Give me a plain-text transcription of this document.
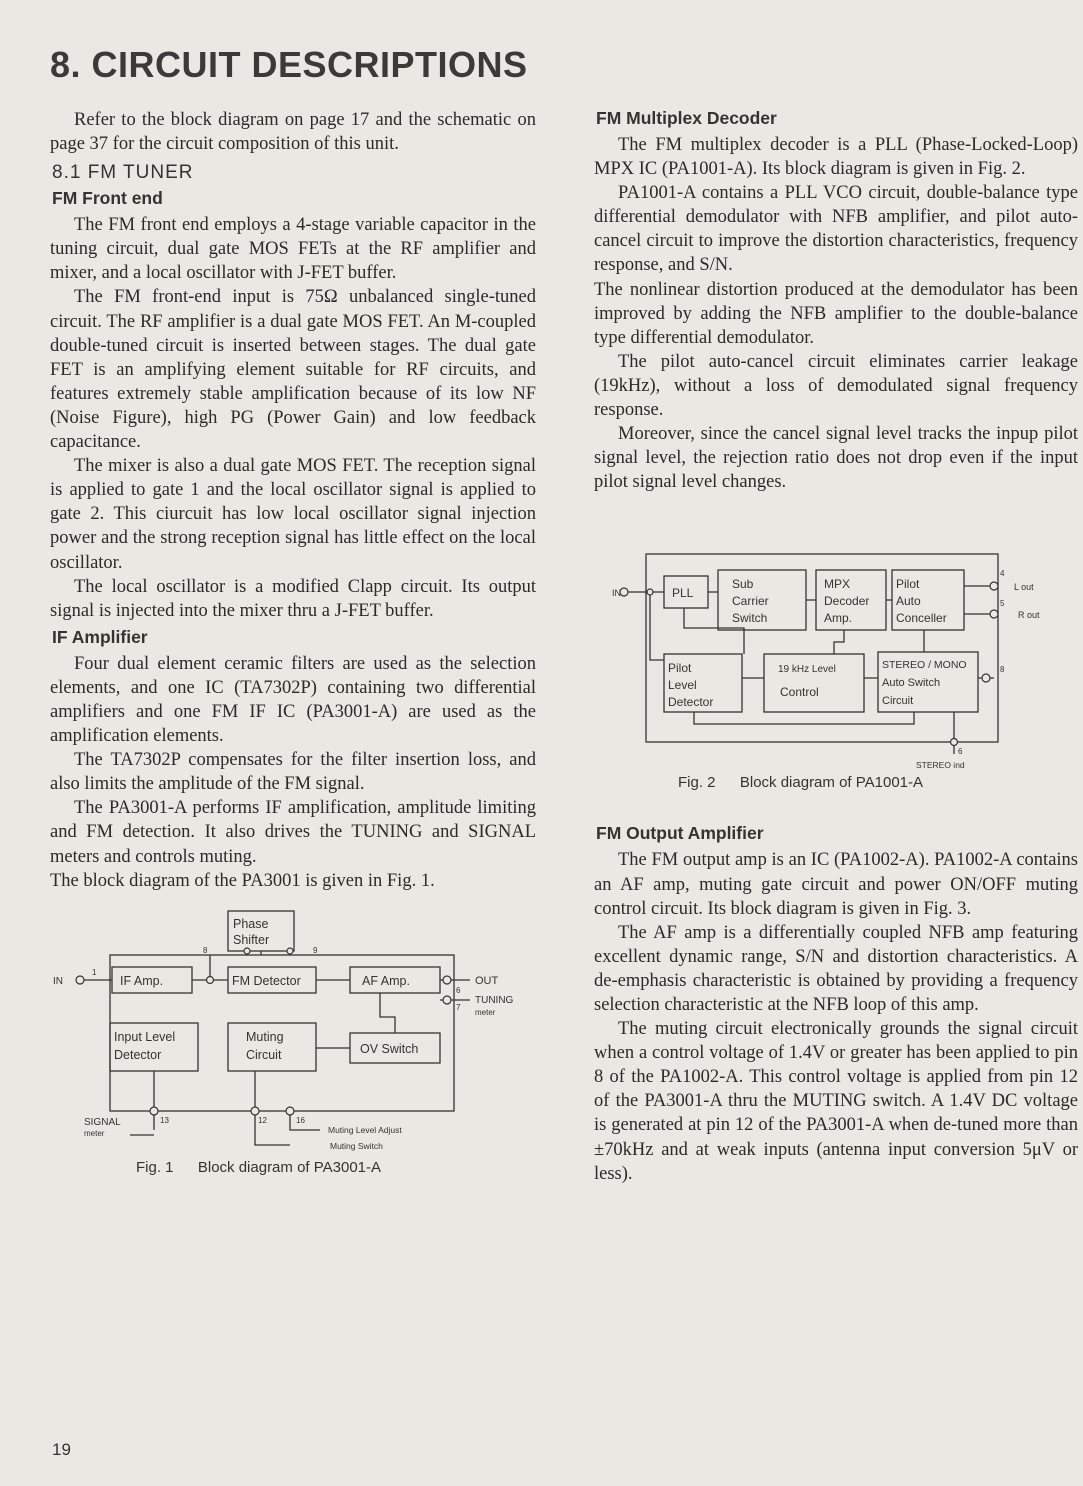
8. CIRCUIT DESCRIPTIONS

Refer to the block diagram on page 17 and the schematic on page 37 for the circuit composition of this unit.

8.1 FM TUNER
FM Front end

The FM front end employs a 4-stage variable capacitor in the tuning circuit, dual gate MOS FETs at the RF amplifier and mixer, and a local oscillator with J-FET buffer.

The FM front-end input is 75Ω unbalanced single-tuned circuit. The RF amplifier is a dual gate MOS FET. An M-coupled double-tuned circuit is inserted between stages. The dual gate FET is an amplifying element suitable for RF circuits, and features extremely stable amplification because of its low NF (Noise Figure), high PG (Power Gain) and low feedback capacitance.

The mixer is also a dual gate MOS FET. The reception signal is applied to gate 1 and the local oscillator signal is applied to gate 2. This ciurcuit has low local oscillator signal injection power and the strong reception signal has little effect on the local oscillator.

The local oscillator is a modified Clapp circuit. Its output signal is injected into the mixer thru a J-FET buffer.

IF Amplifier

Four dual element ceramic filters are used as the selection elements, and one IC (TA7302P) containing two differential amplifiers and one FM IF IC (PA3001-A) are used as the amplification elements.

The TA7302P compensates for the filter insertion loss, and also limits the amplitude of the FM signal.

The PA3001-A performs IF amplification, amplitude limiting and FM detection. It also drives the TUNING and SIGNAL meters and controls muting.

The block diagram of the PA3001 is given in Fig. 1.

Phase
Shifter
IN	IF Amp.	FM Detector	AF Amp.	OUT
TUNING
meter
Input Level
Detector
Muting
Circuit	OV Switch
SIGNAL
meter	Muting Level Adjust
Muting Switch
1
8	9
6
7
13	12	16
Fig. 1 Block diagram of PA3001-A
FM Multiplex Decoder

The FM multiplex decoder is a PLL (Phase-Locked-Loop) MPX IC (PA1001-A). Its block diagram is given in Fig. 2.

PA1001-A contains a PLL VCO circuit, double-balance type differential demodulator with NFB amplifier, and pilot auto-cancel circuit to improve the distortion characteristics, frequency response, and S/N.

The nonlinear distortion produced at the demodulator has been improved by adding the NFB amplifier to the double-balance type differential demodulator.

The pilot auto-cancel circuit eliminates carrier leakage (19kHz), without a loss of demodulated signal frequency response.

Moreover, since the cancel signal level tracks the inpup pilot signal level, the rejection ratio does not drop even if the input pilot signal level changes.

IN	PLL
Sub
Carrier
Switch
MPX
Decoder
Amp.
Pilot
Auto
Conceller
L out
R out
Pilot
Level
Detector
19 kHz Level
Control
STEREO / MONO
Auto Switch
Circuit
STEREO ind
4
5
8
6
Fig. 2 Block diagram of PA1001-A
FM Output Amplifier

The FM output amp is an IC (PA1002-A). PA1002-A contains an AF amp, muting gate circuit and power ON/OFF muting control circuit. Its block diagram is given in Fig. 3.

The AF amp is a differentially coupled NFB amp featuring excellent dynamic range, S/N and distortion characteristics. A de-emphasis characteristic is obtained by providing a frequency selection characteristic at the NFB loop of this amp.

The muting circuit electronically grounds the signal circuit when a control voltage of 1.4V or greater has been applied to pin 8 of the PA1002-A. This control voltage is applied from pin 12 of the PA3001-A thru the MUTING switch. A 1.4V DC voltage is generated at pin 12 of the PA3001-A when de-tuned more than ±70kHz and at weak inputs (antenna input conversion 5μV or less).

19
